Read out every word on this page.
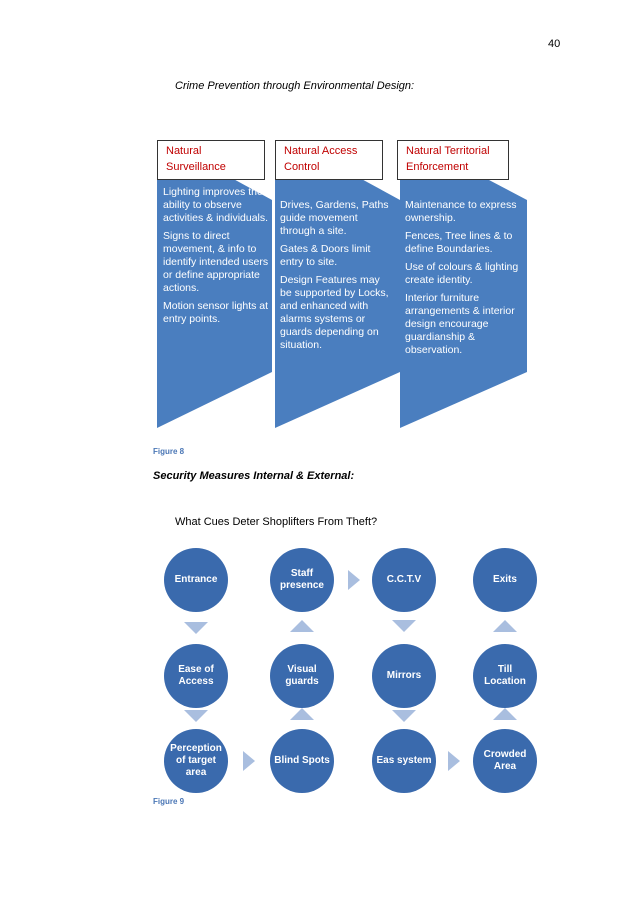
40
Crime Prevention through Environmental Design:
Natural Surveillance
Natural Access Control
Natural Territorial Enforcement

Lighting improves the ability to observe activities & individuals.

Signs to direct movement, & info to identify intended users or define appropriate actions.

Motion sensor lights at entry points.

Drives, Gardens, Paths guide movement through a site.

Gates & Doors limit entry to site.

Design Features may be supported by Locks, and enhanced with alarms systems or guards depending on situation.

Maintenance to express ownership.

Fences, Tree lines & to define Boundaries.

Use of colours & lighting create identity.

Interior furniture arrangements & interior design encourage guardianship & observation.

Figure 8
Security Measures Internal & External:
What Cues Deter Shoplifters From Theft?
Entrance
Staff presence
C.C.T.V	Exits
Ease of Access
Visual guards
Mirrors
Till Location
Perception of target area
Blind Spots	Eas system
Crowded Area
Figure 9
